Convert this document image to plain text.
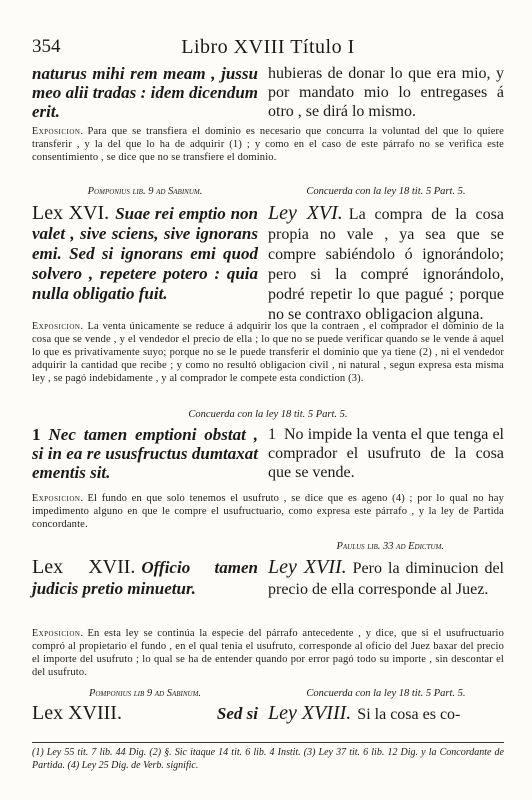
354	Libro XVIII Título I
naturus mihi rem meam , jussu meo alii tradas : idem dicendum erit.
hubieras de donar lo que era mio, y por mandato mio lo entregases á otro , se dirá lo mismo.
Exposicion. Para que se transfiera el dominio es necesario que concurra la voluntad del que lo quiere transferir , y la del que lo ha de adquirir (1) ; y como en el caso de este párrafo no se verifica este consentimiento , se dice que no se transfiere el dominio.
Pomponius lib. 9 ad Sabinum.	Concuerda con la ley 18 tit. 5 Part. 5.
Lex XVI. Suae rei emptio non valet , sive sciens, sive ignorans emi. Sed si ignorans emi quod solvero , repetere potero : quia nulla obligatio fuit.
Ley XVI. La compra de la cosa propia no vale , ya sea que se compre sabiéndolo ó ignorándolo; pero si la compré ignorándolo, podré repetir lo que pagué ; porque no se contraxo obligacion alguna.
Exposicion. La venta únicamente se reduce á adquirir los que la contraen , el comprador el dominio de la cosa que se vende , y el vendedor el precio de ella ; lo que no se puede verificar quando se le vende á aquel lo que es privativamente suyo; porque no se le puede transferir el dominio que ya tiene (2) , ni el vendedor adquirir la cantidad que recibe ; y como no resultó obligacion civil , ni natural , segun expresa esta misma ley , se pagó indebidamente , y al comprador le compete esta condiction (3).
Concuerda con la ley 18 tit. 5 Part. 5.
1 Nec tamen emptioni obstat , si in ea re ususfructus dumtaxat ementis sit.
1 No impide la venta el que tenga el comprador el usufruto de la cosa que se vende.
Exposicion. El fundo en que solo tenemos el usufruto , se dice que es ageno (4) ; por lo qual no hay impedimento alguno en que le compre el usufructuario, como expresa este párrafo , y la ley de Partida concordante.
Paulus lib. 33 ad Edictum.
Lex XVII. Officio tamen judicis pretio minuetur.
Ley XVII. Pero la diminucion del precio de ella corresponde al Juez.
Exposicion. En esta ley se continúa la especie del párrafo antecedente , y dice, que si el usufructuario compró al propietario el fundo , en el qual tenia el usufruto, corresponde al oficio del Juez baxar del precio el importe del usufruto ; lo qual se ha de entender quando por error pagó todo su importe , sin descontar el del usufruto.
Pomponius lib 9 ad Sabinum.	Concuerda con la ley 18 tit. 5 Part. 5.
Lex XVIII.	Sed si Ley XVIII. Si la cosa es co-
(1) Ley 55 tit. 7 lib. 44 Dig. (2) §. Sic itaque 14 tit. 6 lib. 4 Instit. (3) Ley 37 tit. 6 lib. 12 Dig. y la Concordante de Partida. (4) Ley 25 Dig. de Verb. signific.
